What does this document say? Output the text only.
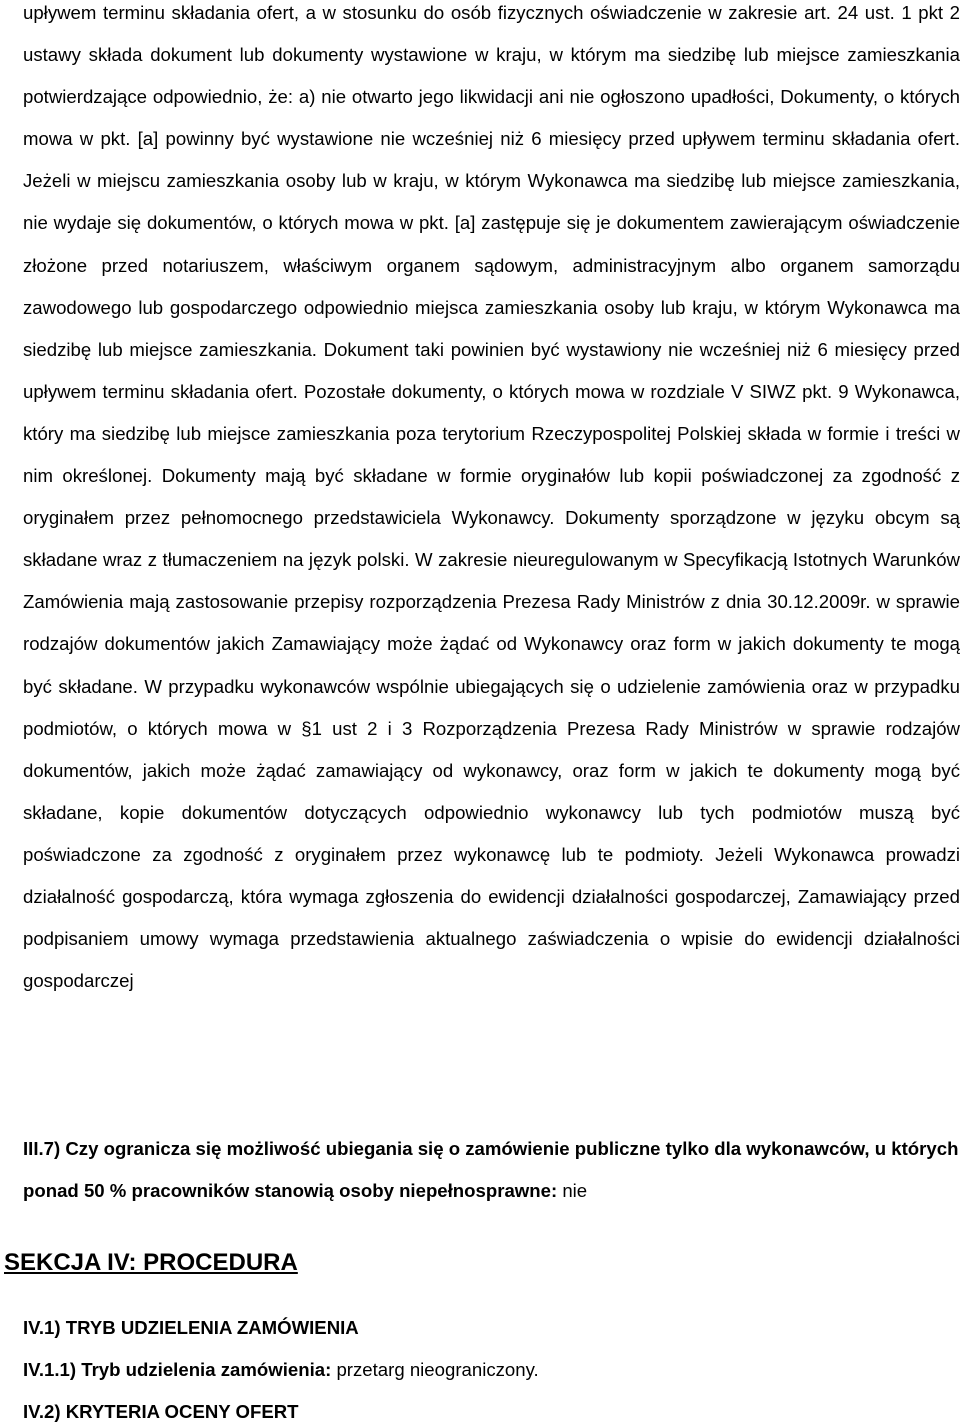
upływem terminu składania ofert, a w stosunku do osób fizycznych oświadczenie w zakresie art. 24 ust. 1 pkt 2 ustawy składa dokument lub dokumenty wystawione w kraju, w którym ma siedzibę lub miejsce zamieszkania potwierdzające odpowiednio, że: a) nie otwarto jego likwidacji ani nie ogłoszono upadłości, Dokumenty, o których mowa w pkt. [a] powinny być wystawione nie wcześniej niż 6 miesięcy przed upływem terminu składania ofert. Jeżeli w miejscu zamieszkania osoby lub w kraju, w którym Wykonawca ma siedzibę lub miejsce zamieszkania, nie wydaje się dokumentów, o których mowa w pkt. [a] zastępuje się je dokumentem zawierającym oświadczenie złożone przed notariuszem, właściwym organem sądowym, administracyjnym albo organem samorządu zawodowego lub gospodarczego odpowiednio miejsca zamieszkania osoby lub kraju, w którym Wykonawca ma siedzibę lub miejsce zamieszkania. Dokument taki powinien być wystawiony nie wcześniej niż 6 miesięcy przed upływem terminu składania ofert. Pozostałe dokumenty, o których mowa w rozdziale V SIWZ pkt. 9 Wykonawca, który ma siedzibę lub miejsce zamieszkania poza terytorium Rzeczypospolitej Polskiej składa w formie i treści w nim określonej. Dokumenty mają być składane w formie oryginałów lub kopii poświadczonej za zgodność z oryginałem przez pełnomocnego przedstawiciela Wykonawcy. Dokumenty sporządzone w języku obcym są składane wraz z tłumaczeniem na język polski. W zakresie nieuregulowanym w Specyfikacją Istotnych Warunków Zamówienia mają zastosowanie przepisy rozporządzenia Prezesa Rady Ministrów z dnia 30.12.2009r. w sprawie rodzajów dokumentów jakich Zamawiający może żądać od Wykonawcy oraz form w jakich dokumenty te mogą być składane. W przypadku wykonawców wspólnie ubiegających się o udzielenie zamówienia oraz w przypadku podmiotów, o których mowa w §1 ust 2 i 3 Rozporządzenia Prezesa Rady Ministrów w sprawie rodzajów dokumentów, jakich może żądać zamawiający od wykonawcy, oraz form w jakich te dokumenty mogą być składane, kopie dokumentów dotyczących odpowiednio wykonawcy lub tych podmiotów muszą być poświadczone za zgodność z oryginałem przez wykonawcę lub te podmioty. Jeżeli Wykonawca prowadzi działalność gospodarczą, która wymaga zgłoszenia do ewidencji działalności gospodarczej, Zamawiający przed podpisaniem umowy wymaga przedstawienia aktualnego zaświadczenia o wpisie do ewidencji działalności gospodarczej

III.7) Czy ogranicza się możliwość ubiegania się o zamówienie publiczne tylko dla wykonawców, u których ponad 50 % pracowników stanowią osoby niepełnosprawne: nie

SEKCJA IV: PROCEDURA

IV.1) TRYB UDZIELENIA ZAMÓWIENIA

IV.1.1) Tryb udzielenia zamówienia: przetarg nieograniczony.

IV.2) KRYTERIA OCENY OFERT
